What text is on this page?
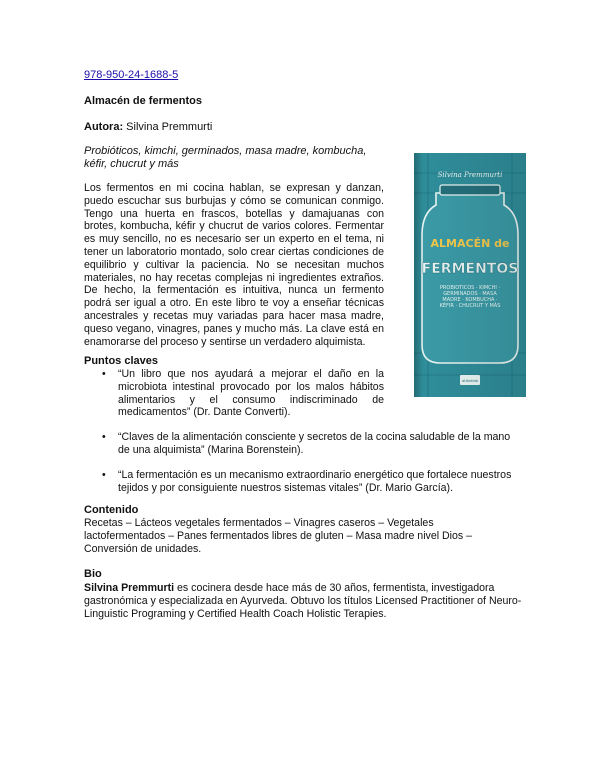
978-950-24-1688-5
Almacén de fermentos
Autora: Silvina Premmurti
Probióticos, kimchi, germinados, masa madre, kombucha, kéfir, chucrut y más
Los fermentos en mi cocina hablan, se expresan y danzan, puedo escuchar sus burbujas y cómo se comunican conmigo. Tengo una huerta en frascos, botellas y damajuanas con brotes, kombucha, kéfir y chucrut de varios colores. Fermentar es muy sencillo, no es necesario ser un experto en el tema, ni tener un laboratorio montado, solo crear ciertas condiciones de equilibrio y cultivar la paciencia. No se necesitan muchos materiales, no hay recetas complejas ni ingredientes extraños. De hecho, la fermentación es intuitiva, nunca un fermento podrá ser igual a otro. En este libro te voy a enseñar técnicas ancestrales y recetas muy variadas para hacer masa madre, queso vegano, vinagres, panes y mucho más. La clave está en enamorarse del proceso y sentirse un verdadero alquimista.
Puntos claves
• “Un libro que nos ayudará a mejorar el daño en la microbiota intestinal provocado por los malos hábitos alimentarios y el consumo indiscriminado de medicamentos” (Dr. Dante Converti).
• “Claves de la alimentación consciente y secretos de la cocina saludable de la mano de una alquimista” (Marina Borenstein).
• “La fermentación es un mecanismo extraordinario energético que fortalece nuestros tejidos y por consiguiente nuestros sistemas vitales” (Dr. Mario García).
Contenido
Recetas – Lácteos vegetales fermentados – Vinagres caseros – Vegetales lactofermentados – Panes fermentados libres de gluten – Masa madre nivel Dios – Conversión de unidades.
Bio
Silvina Premmurti es cocinera desde hace más de 30 años, fermentista, investigadora gastronómica y especializada en Ayurveda. Obtuvo los títulos Licensed Practitioner of Neuro-Linguistic Programing y Certified Health Coach Holistic Terapies.
